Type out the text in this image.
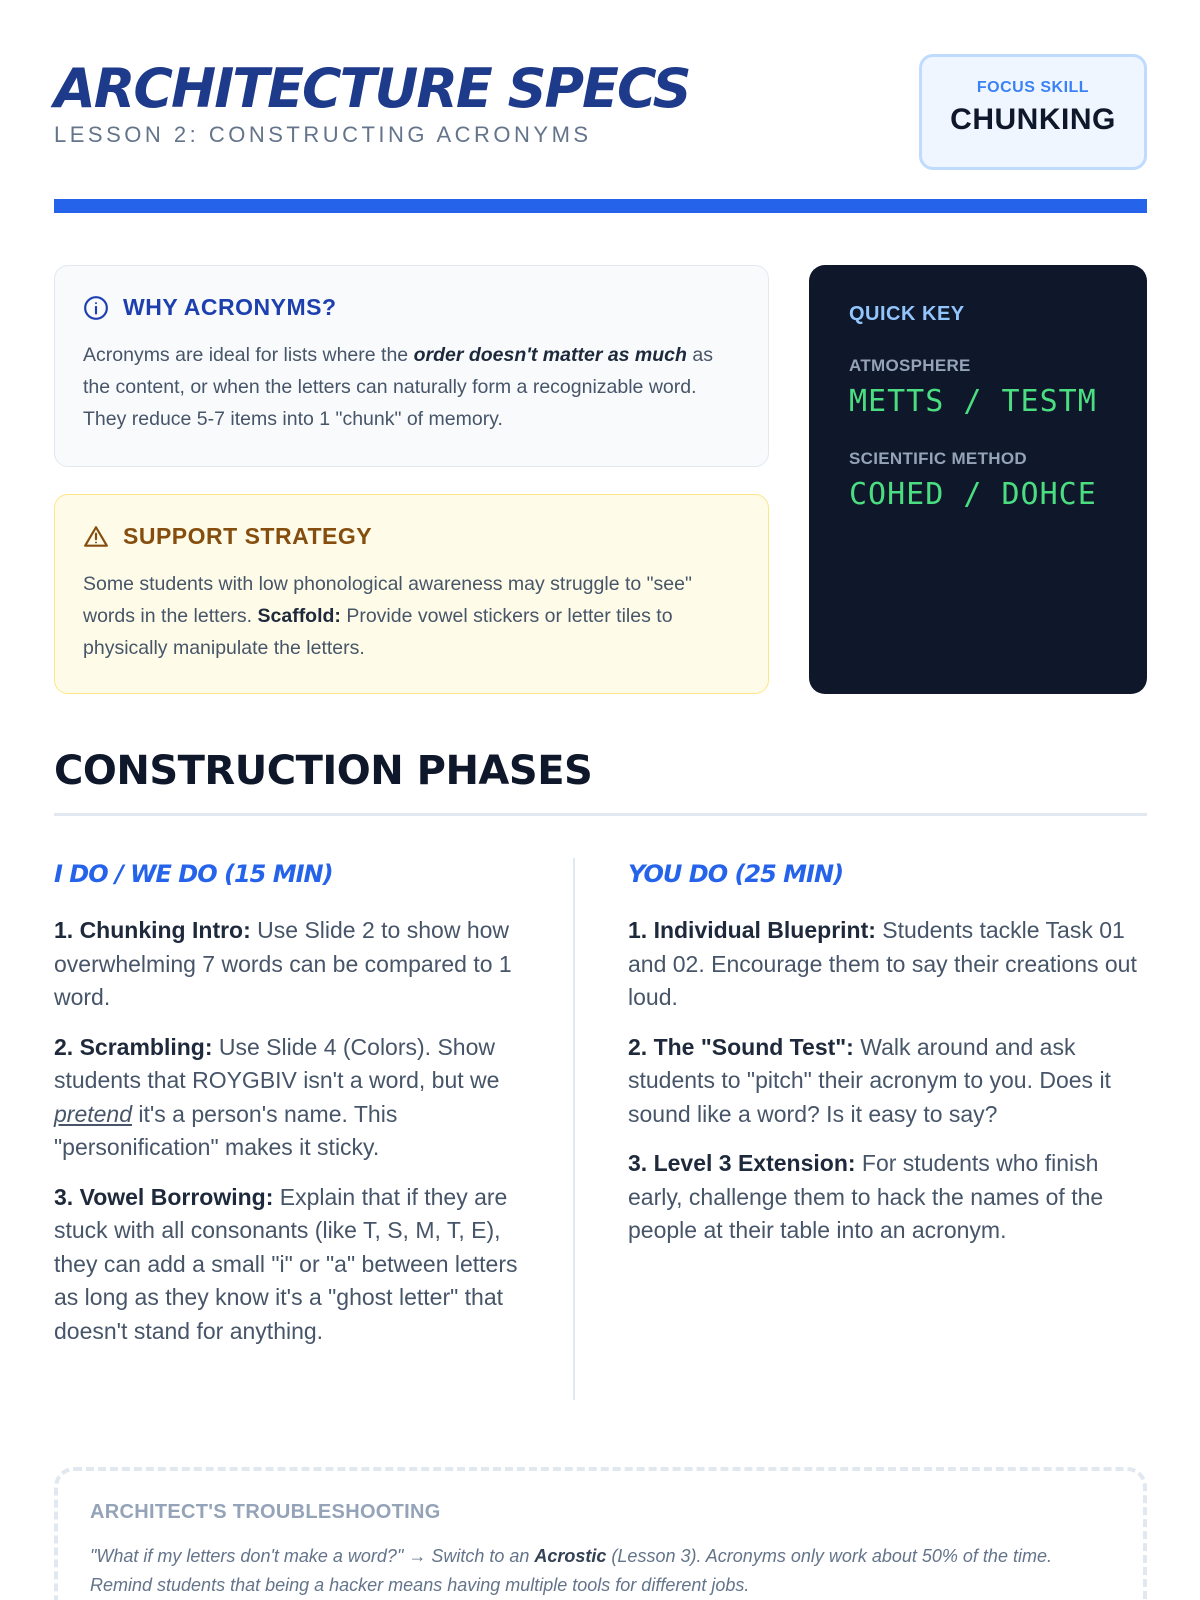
ARCHITECTURE SPECS
LESSON 2: CONSTRUCTING ACRONYMS
FOCUS SKILL
CHUNKING
WHY ACRONYMS?

Acronyms are ideal for lists where the order doesn't matter as much as the content, or when the letters can naturally form a recognizable word. They reduce 5-7 items into 1 "chunk" of memory.

SUPPORT STRATEGY

Some students with low phonological awareness may struggle to "see" words in the letters. Scaffold: Provide vowel stickers or letter tiles to physically manipulate the letters.

QUICK KEY
ATMOSPHERE
METTS / TESTM
SCIENTIFIC METHOD
COHED / DOHCE
CONSTRUCTION PHASES
I DO / WE DO (15 MIN)

1. Chunking Intro: Use Slide 2 to show how overwhelming 7 words can be compared to 1 word.

2. Scrambling: Use Slide 4 (Colors). Show students that ROYGBIV isn't a word, but we pretend it's a person's name. This "personification" makes it sticky.

3. Vowel Borrowing: Explain that if they are stuck with all consonants (like T, S, M, T, E), they can add a small "i" or "a" between letters as long as they know it's a "ghost letter" that doesn't stand for anything.

YOU DO (25 MIN)

1. Individual Blueprint: Students tackle Task 01 and 02. Encourage them to say their creations out loud.

2. The "Sound Test": Walk around and ask students to "pitch" their acronym to you. Does it sound like a word? Is it easy to say?

3. Level 3 Extension: For students who finish early, challenge them to hack the names of the people at their table into an acronym.

ARCHITECT'S TROUBLESHOOTING

"What if my letters don't make a word?" → Switch to an Acrostic (Lesson 3). Acronyms only work about 50% of the time. Remind students that being a hacker means having multiple tools for different jobs.
